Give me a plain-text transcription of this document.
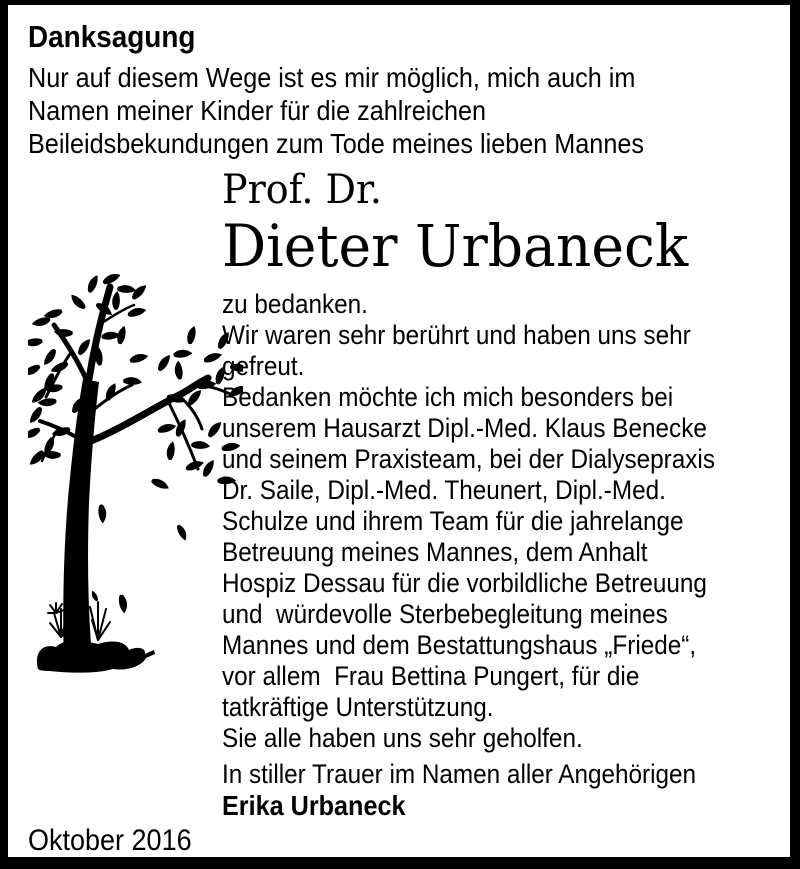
Danksagung
Nur auf diesem Wege ist es mir möglich, mich auch im
Namen meiner Kinder für die zahlreichen
Beileidsbekundungen zum Tode meines lieben Mannes
Prof. Dr.
Dieter Urbaneck
zu bedanken.
Wir waren sehr berührt und haben uns sehr
gefreut.
Bedanken möchte ich mich besonders bei
unserem Hausarzt Dipl.-Med. Klaus Benecke
und seinem Praxisteam, bei der Dialysepraxis
Dr. Saile, Dipl.-Med. Theunert, Dipl.-Med.
Schulze und ihrem Team für die jahrelange
Betreuung meines Mannes, dem Anhalt
Hospiz Dessau für die vorbildliche Betreuung
und  würdevolle Sterbebegleitung meines
Mannes und dem Bestattungshaus „Friede“,
vor allem  Frau Bettina Pungert, für die
tatkräftige Unterstützung.
Sie alle haben uns sehr geholfen.
In stiller Trauer im Namen aller Angehörigen
Erika Urbaneck
Oktober 2016
